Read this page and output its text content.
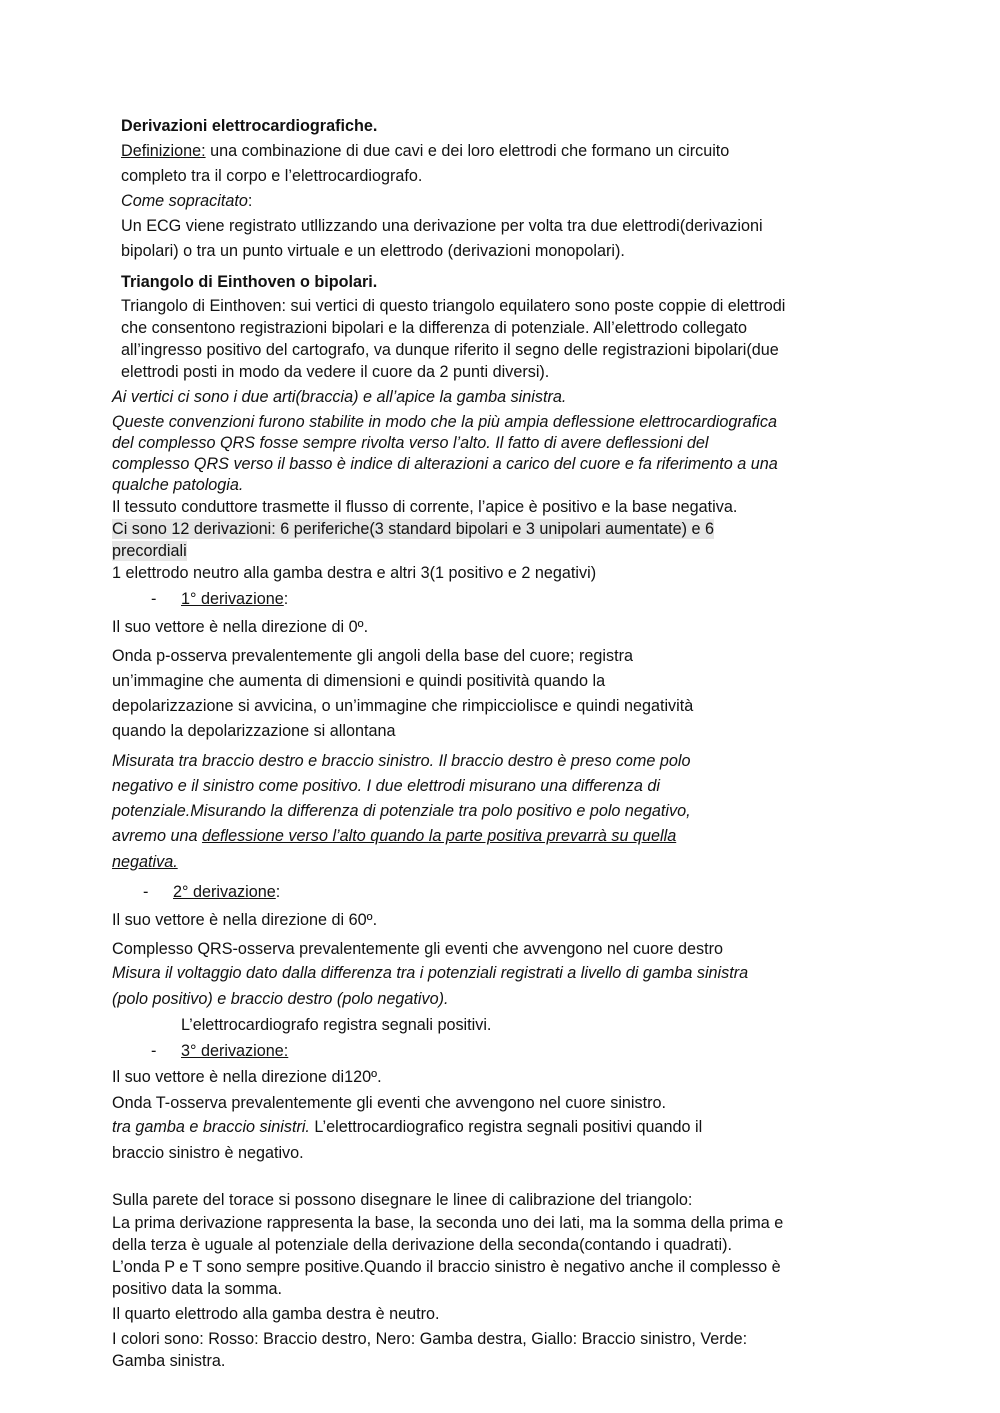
Derivazioni elettrocardiografiche.
Definizione: una combinazione di due cavi e dei loro elettrodi che formano un circuito
completo tra il corpo e l’elettrocardiografo.
Come sopracitato:
Un ECG viene registrato utllizzando una derivazione per volta tra due elettrodi(derivazioni
bipolari) o tra un punto virtuale e un elettrodo (derivazioni monopolari).
Triangolo di Einthoven o bipolari.
Triangolo di Einthoven: sui vertici di questo triangolo equilatero sono poste coppie di elettrodi
che consentono registrazioni bipolari e la differenza di potenziale. All’elettrodo collegato
all’ingresso positivo del cartografo, va dunque riferito il segno delle registrazioni bipolari(due
elettrodi posti in modo da vedere il cuore da 2 punti diversi).
Ai vertici ci sono i due arti(braccia) e all’apice la gamba sinistra.
Queste convenzioni furono stabilite in modo che la più ampia deflessione elettrocardiografica
del complesso QRS fosse sempre rivolta verso l’alto. Il fatto di avere deflessioni del
complesso QRS verso il basso è indice di alterazioni a carico del cuore e fa riferimento a una
qualche patologia.
Il tessuto conduttore trasmette il flusso di corrente, l’apice è positivo e la base negativa.
Ci sono 12 derivazioni: 6 periferiche(3 standard bipolari e 3 unipolari aumentate) e 6
precordiali
1 elettrodo neutro alla gamba destra e altri 3(1 positivo e 2 negativi)
- 1° derivazione:
Il suo vettore è nella direzione di 0º.
Onda p-osserva prevalentemente gli angoli della base del cuore; registra
un’immagine che aumenta di dimensioni e quindi positività quando la
depolarizzazione si avvicina, o un’immagine che rimpicciolisce e quindi negatività
quando la depolarizzazione si allontana
Misurata tra braccio destro e braccio sinistro. Il braccio destro è preso come polo
negativo e il sinistro come positivo. I due elettrodi misurano una differenza di
potenziale.Misurando la differenza di potenziale tra polo positivo e polo negativo,
avremo una deflessione verso l’alto quando la parte positiva prevarrà su quella
negativa.
- 2° derivazione:
Il suo vettore è nella direzione di 60º.
Complesso QRS-osserva prevalentemente gli eventi che avvengono nel cuore destro
Misura il voltaggio dato dalla differenza tra i potenziali registrati a livello di gamba sinistra
(polo positivo) e braccio destro (polo negativo).
L’elettrocardiografo registra segnali positivi.
- 3° derivazione:
Il suo vettore è nella direzione di120º.
Onda T-osserva prevalentemente gli eventi che avvengono nel cuore sinistro.
tra gamba e braccio sinistri. L’elettrocardiografico registra segnali positivi quando il
braccio sinistro è negativo.
Sulla parete del torace si possono disegnare le linee di calibrazione del triangolo:
La prima derivazione rappresenta la base, la seconda uno dei lati, ma la somma della prima e
della terza è uguale al potenziale della derivazione della seconda(contando i quadrati).
L’onda P e T sono sempre positive.Quando il braccio sinistro è negativo anche il complesso è
positivo data la somma.
Il quarto elettrodo alla gamba destra è neutro.
I colori sono: Rosso: Braccio destro, Nero: Gamba destra, Giallo: Braccio sinistro, Verde:
Gamba sinistra.
